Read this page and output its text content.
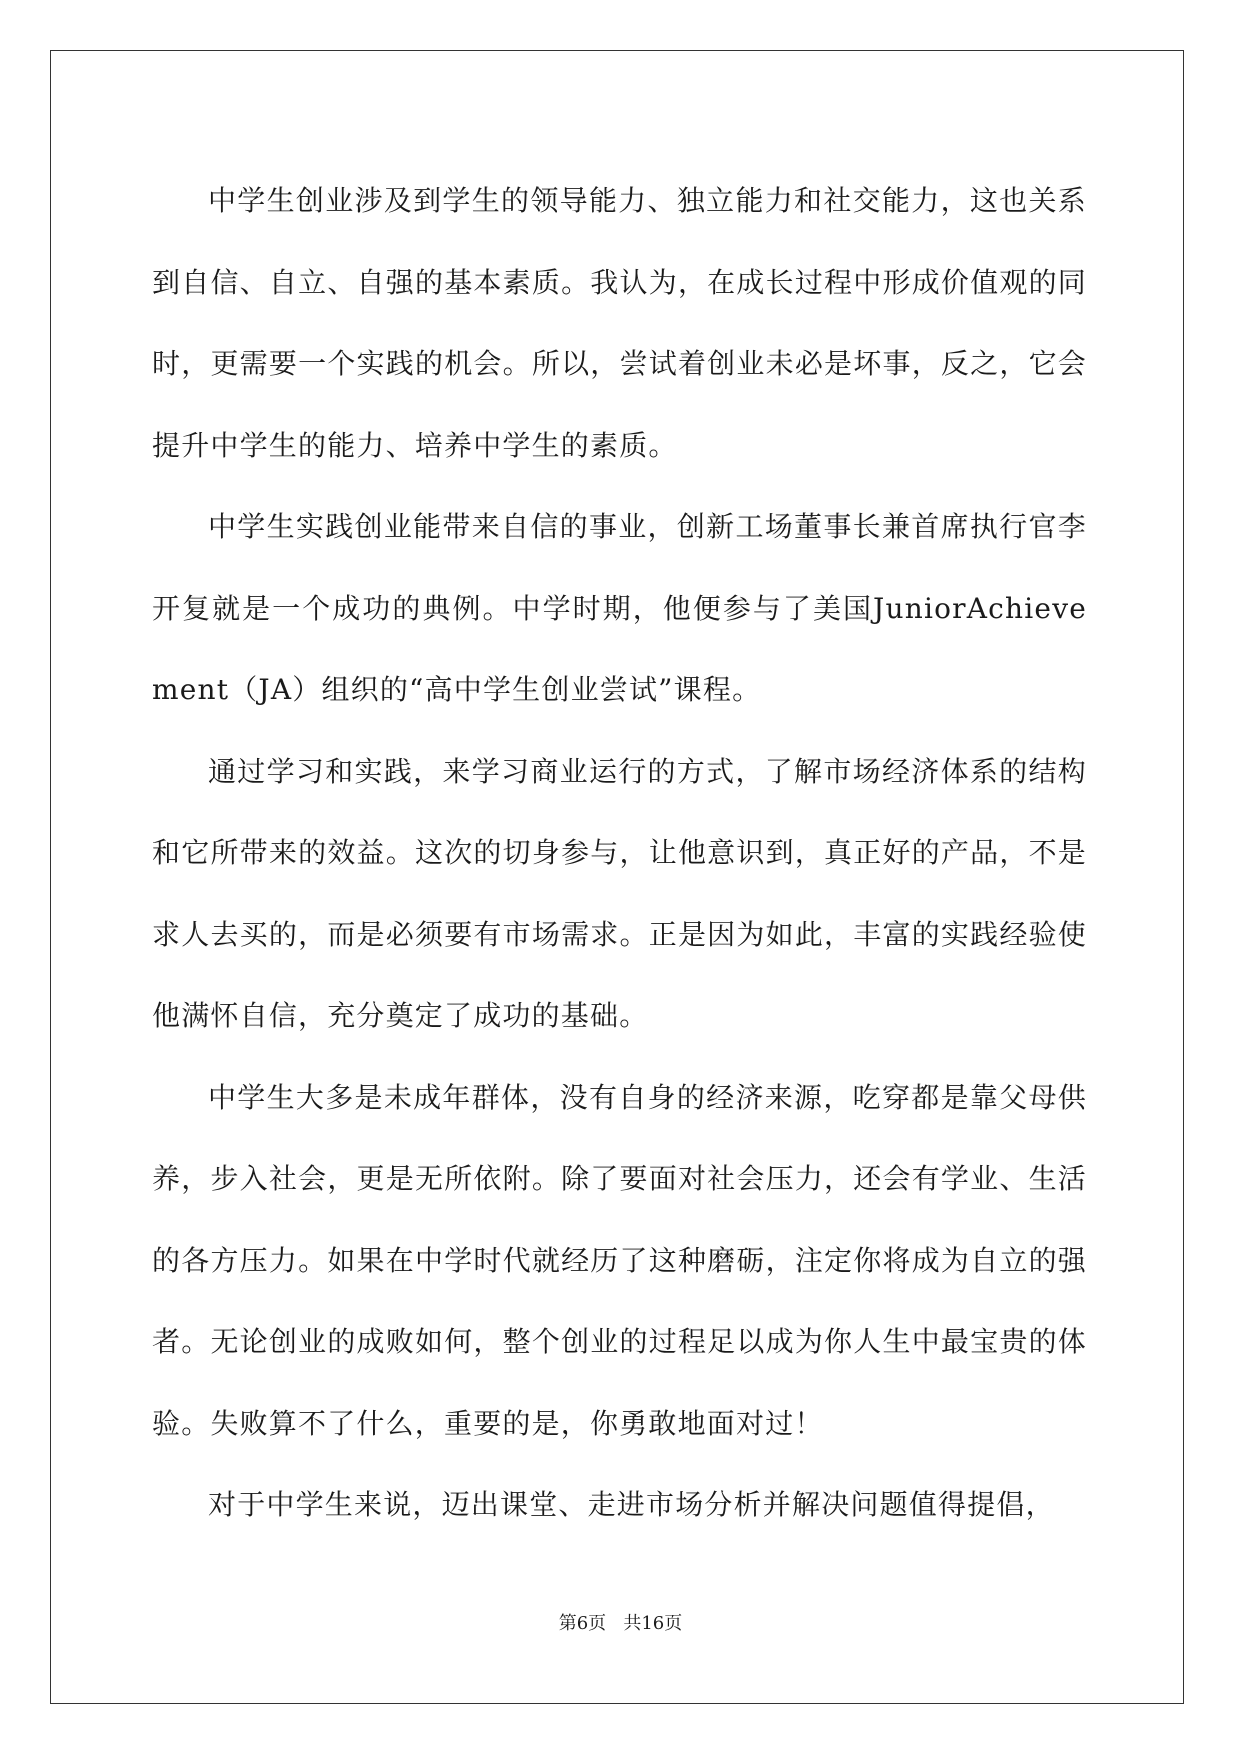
中学生创业涉及到学生的领导能力、独立能力和社交能力，这也关系到自信、自立、自强的基本素质。我认为，在成长过程中形成价值观的同时，更需要一个实践的机会。所以，尝试着创业未必是坏事，反之，它会提升中学生的能力、培养中学生的素质。

中学生实践创业能带来自信的事业，创新工场董事长兼首席执行官李开复就是一个成功的典例。中学时期，他便参与了美国JuniorAchievement（JA）组织的“高中学生创业尝试”课程。

通过学习和实践，来学习商业运行的方式，了解市场经济体系的结构和它所带来的效益。这次的切身参与，让他意识到，真正好的产品，不是求人去买的，而是必须要有市场需求。正是因为如此，丰富的实践经验使他满怀自信，充分奠定了成功的基础。

中学生大多是未成年群体，没有自身的经济来源，吃穿都是靠父母供养，步入社会，更是无所依附。除了要面对社会压力，还会有学业、生活的各方压力。如果在中学时代就经历了这种磨砺，注定你将成为自立的强者。无论创业的成败如何，整个创业的过程足以成为你人生中最宝贵的体验。失败算不了什么，重要的是，你勇敢地面对过！

对于中学生来说，迈出课堂、走进市场分析并解决问题值得提倡，

第6页 共16页
